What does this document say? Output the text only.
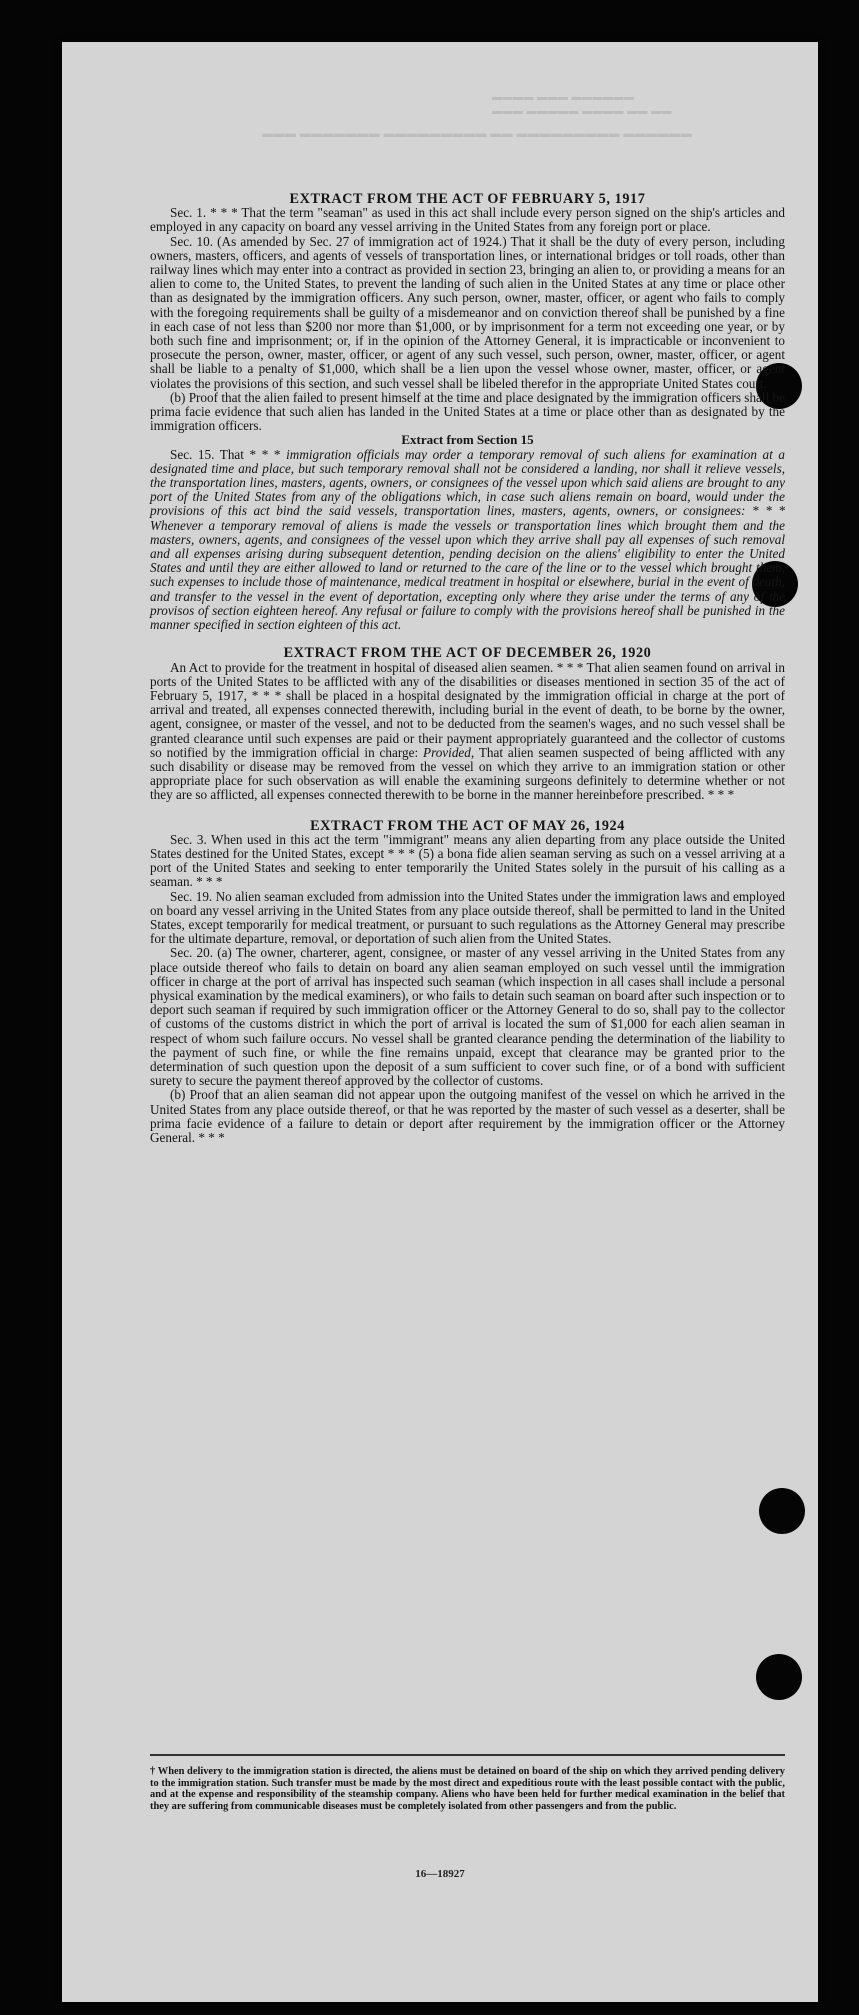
▬▬▬▬ ▬▬▬ ▬▬▬▬▬▬
▬▬▬ ▬▬▬▬▬ ▬▬▬▬ ▬▬ ▬▬
▬▬▬ ▬▬▬▬▬▬▬ ▬▬▬▬▬▬▬▬▬ ▬▬ ▬▬▬▬▬▬▬▬▬ ▬▬▬▬▬▬

EXTRACT FROM THE ACT OF FEBRUARY 5, 1917

Sec. 1. * * * That the term "seaman" as used in this act shall include every person signed on the ship's articles and employed in any capacity on board any vessel arriving in the United States from any foreign port or place.

Sec. 10. (As amended by Sec. 27 of immigration act of 1924.) That it shall be the duty of every person, including owners, masters, officers, and agents of vessels of transportation lines, or international bridges or toll roads, other than railway lines which may enter into a contract as provided in section 23, bringing an alien to, or providing a means for an alien to come to, the United States, to prevent the landing of such alien in the United States at any time or place other than as designated by the immigration officers. Any such person, owner, master, officer, or agent who fails to comply with the foregoing requirements shall be guilty of a misdemeanor and on conviction thereof shall be punished by a fine in each case of not less than $200 nor more than $1,000, or by imprisonment for a term not exceeding one year, or by both such fine and imprisonment; or, if in the opinion of the Attorney General, it is impracticable or inconvenient to prosecute the person, owner, master, officer, or agent of any such vessel, such person, owner, master, officer, or agent shall be liable to a penalty of $1,000, which shall be a lien upon the vessel whose owner, master, officer, or agent violates the provisions of this section, and such vessel shall be libeled therefor in the appropriate United States court.

(b) Proof that the alien failed to present himself at the time and place designated by the immigration officers shall be prima facie evidence that such alien has landed in the United States at a time or place other than as designated by the immigration officers.

Extract from Section 15

Sec. 15. That * * * immigration officials may order a temporary removal of such aliens for examination at a designated time and place, but such temporary removal shall not be considered a landing, nor shall it relieve vessels, the transportation lines, masters, agents, owners, or consignees of the vessel upon which said aliens are brought to any port of the United States from any of the obligations which, in case such aliens remain on board, would under the provisions of this act bind the said vessels, transportation lines, masters, agents, owners, or consignees: * * * Whenever a temporary removal of aliens is made the vessels or transportation lines which brought them and the masters, owners, agents, and consignees of the vessel upon which they arrive shall pay all expenses of such removal and all expenses arising during subsequent detention, pending decision on the aliens' eligibility to enter the United States and until they are either allowed to land or returned to the care of the line or to the vessel which brought them, such expenses to include those of maintenance, medical treatment in hospital or elsewhere, burial in the event of death, and transfer to the vessel in the event of deportation, excepting only where they arise under the terms of any of the provisos of section eighteen hereof. Any refusal or failure to comply with the provisions hereof shall be punished in the manner specified in section eighteen of this act.

EXTRACT FROM THE ACT OF DECEMBER 26, 1920

An Act to provide for the treatment in hospital of diseased alien seamen. * * * That alien seamen found on arrival in ports of the United States to be afflicted with any of the disabilities or diseases mentioned in section 35 of the act of February 5, 1917, * * * shall be placed in a hospital designated by the immigration official in charge at the port of arrival and treated, all expenses connected therewith, including burial in the event of death, to be borne by the owner, agent, consignee, or master of the vessel, and not to be deducted from the seamen's wages, and no such vessel shall be granted clearance until such expenses are paid or their payment appropriately guaranteed and the collector of customs so notified by the immigration official in charge: Provided, That alien seamen suspected of being afflicted with any such disability or disease may be removed from the vessel on which they arrive to an immigration station or other appropriate place for such observation as will enable the examining surgeons definitely to determine whether or not they are so afflicted, all expenses connected therewith to be borne in the manner hereinbefore prescribed. * * *

EXTRACT FROM THE ACT OF MAY 26, 1924

Sec. 3. When used in this act the term "immigrant" means any alien departing from any place outside the United States destined for the United States, except * * * (5) a bona fide alien seaman serving as such on a vessel arriving at a port of the United States and seeking to enter temporarily the United States solely in the pursuit of his calling as a seaman. * * *

Sec. 19. No alien seaman excluded from admission into the United States under the immigration laws and employed on board any vessel arriving in the United States from any place outside thereof, shall be permitted to land in the United States, except temporarily for medical treatment, or pursuant to such regulations as the Attorney General may prescribe for the ultimate departure, removal, or deportation of such alien from the United States.

Sec. 20. (a) The owner, charterer, agent, consignee, or master of any vessel arriving in the United States from any place outside thereof who fails to detain on board any alien seaman employed on such vessel until the immigration officer in charge at the port of arrival has inspected such seaman (which inspection in all cases shall include a personal physical examination by the medical examiners), or who fails to detain such seaman on board after such inspection or to deport such seaman if required by such immigration officer or the Attorney General to do so, shall pay to the collector of customs of the customs district in which the port of arrival is located the sum of $1,000 for each alien seaman in respect of whom such failure occurs. No vessel shall be granted clearance pending the determination of the liability to the payment of such fine, or while the fine remains unpaid, except that clearance may be granted prior to the determination of such question upon the deposit of a sum sufficient to cover such fine, or of a bond with sufficient surety to secure the payment thereof approved by the collector of customs.

(b) Proof that an alien seaman did not appear upon the outgoing manifest of the vessel on which he arrived in the United States from any place outside thereof, or that he was reported by the master of such vessel as a deserter, shall be prima facie evidence of a failure to detain or deport after requirement by the immigration officer or the Attorney General. * * *

† When delivery to the immigration station is directed, the aliens must be detained on board of the ship on which they arrived pending delivery to the immigration station. Such transfer must be made by the most direct and expeditious route with the least possible contact with the public, and at the expense and responsibility of the steamship company. Aliens who have been held for further medical examination in the belief that they are suffering from communicable diseases must be completely isolated from other passengers and from the public.

16—18927
